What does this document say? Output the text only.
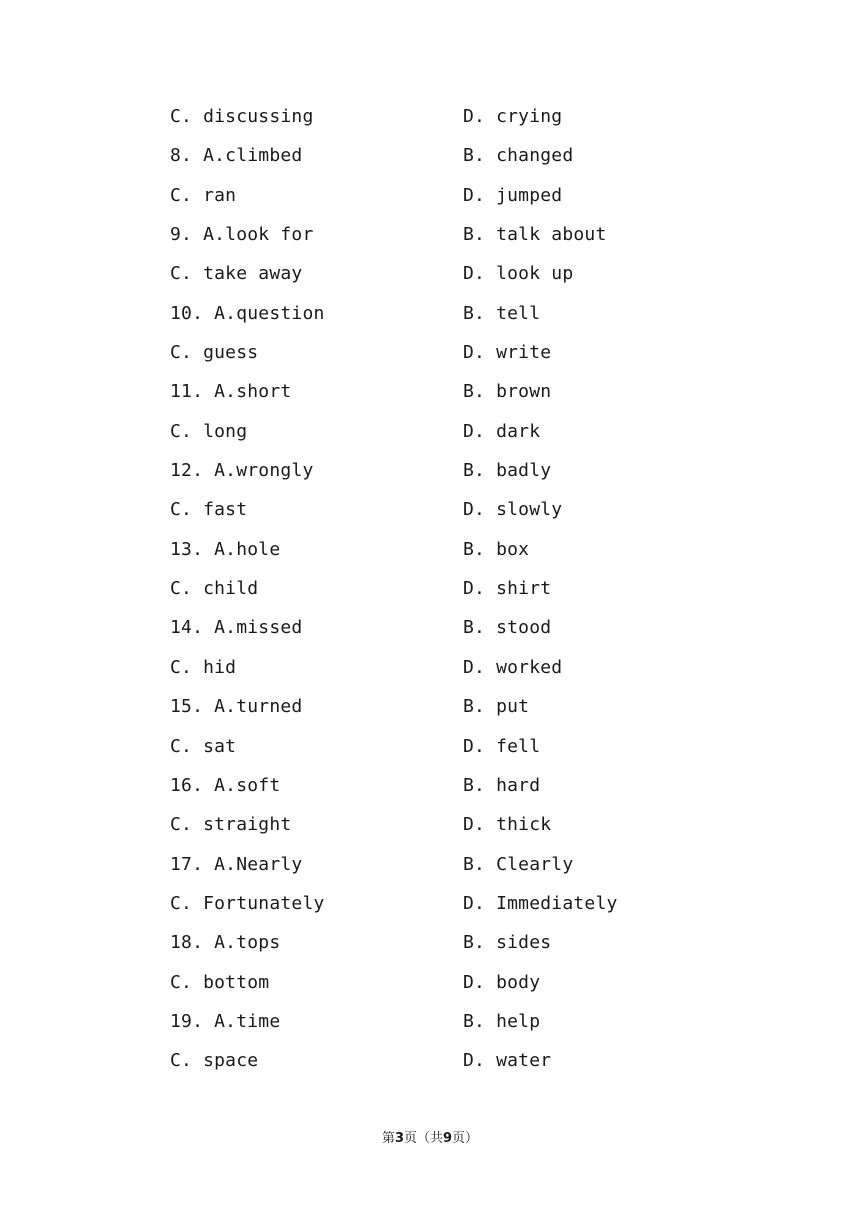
C. discussing	D. crying
8. A.climbed	B. changed
C. ran	D. jumped
9. A.look for	B. talk about
C. take away	D. look up
10. A.question	B. tell
C. guess	D. write
11. A.short	B. brown
C. long	D. dark
12. A.wrongly	B. badly
C. fast	D. slowly
13. A.hole	B. box
C. child	D. shirt
14. A.missed	B. stood
C. hid	D. worked
15. A.turned	B. put
C. sat	D. fell
16. A.soft	B. hard
C. straight	D. thick
17. A.Nearly	B. Clearly
C. Fortunately	D. Immediately
18. A.tops	B. sides
C. bottom	D. body
19. A.time	B. help
C. space	D. water
第3页（共9页）
